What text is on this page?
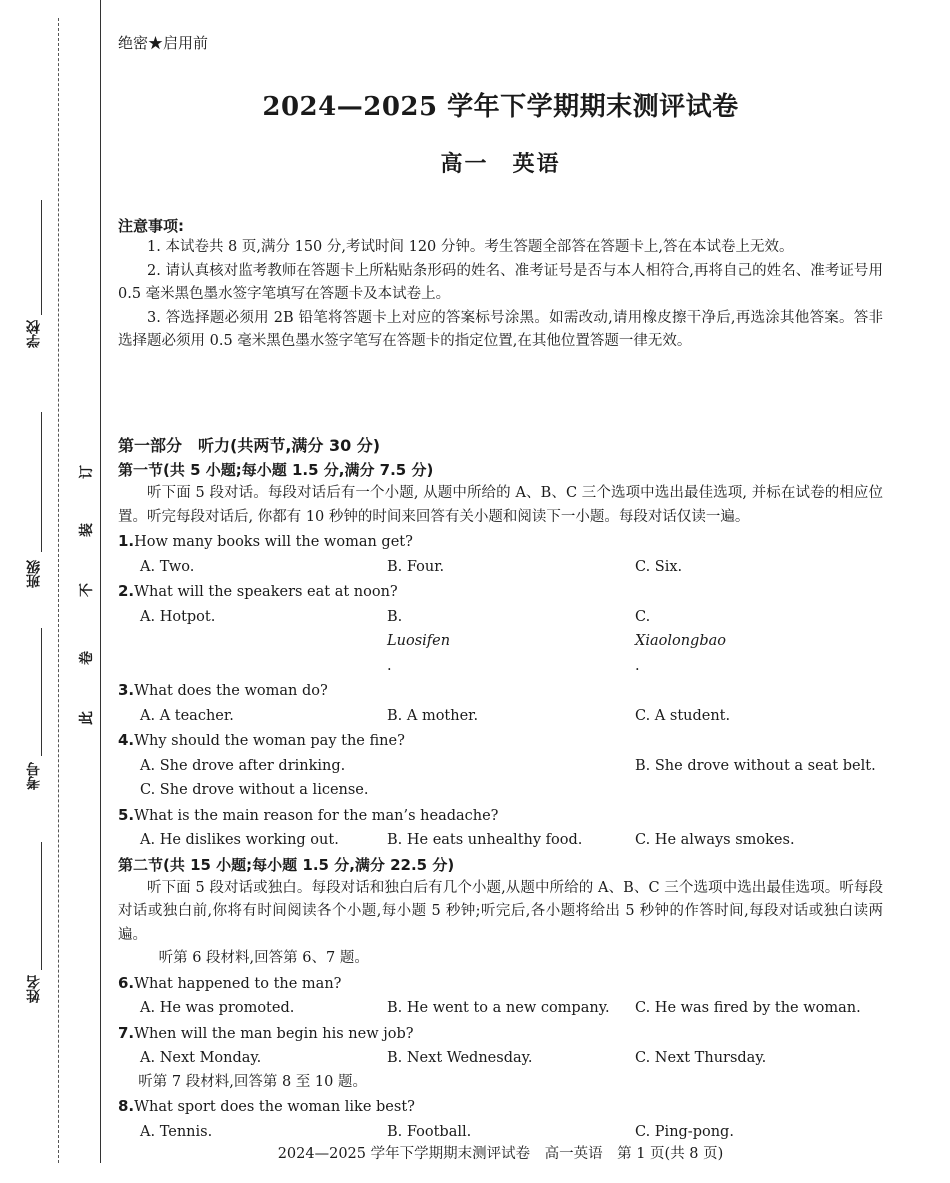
学校
班级
考号
姓名
订
装
不
卷
此
绝密★启用前
2024—2025 学年下学期期末测评试卷
高一　英语
注意事项:

1. 本试卷共 8 页,满分 150 分,考试时间 120 分钟。考生答题全部答在答题卡上,答在本试卷上无效。

2. 请认真核对监考教师在答题卡上所粘贴条形码的姓名、准考证号是否与本人相符合,再将自己的姓名、准考证号用 0.5 毫米黑色墨水签字笔填写在答题卡及本试卷上。

3. 答选择题必须用 2B 铅笔将答题卡上对应的答案标号涂黑。如需改动,请用橡皮擦干净后,再选涂其他答案。答非选择题必须用 0.5 毫米黑色墨水签字笔写在答题卡的指定位置,在其他位置答题一律无效。

第一部分　听力(共两节,满分 30 分)
第一节(共 5 小题;每小题 1.5 分,满分 7.5 分)

听下面 5 段对话。每段对话后有一个小题, 从题中所给的 A、B、C 三个选项中选出最佳选项, 并标在试卷的相应位置。听完每段对话后, 你都有 10 秒钟的时间来回答有关小题和阅读下一小题。每段对话仅读一遍。

1.How many books will the woman get?
A. Two.	B. Four.	C. Six.
2.What will the speakers eat at noon?
A. Hotpot.	B.
Luosifen
.
C.
Xiaolongbao
.
3.What does the woman do?
A. A teacher.	B. A mother.	C. A student.
4.Why should the woman pay the fine?
A. She drove after drinking.	B. She drove without a seat belt.
C. She drove without a license.
5.What is the main reason for the man’s headache?
A. He dislikes working out.	B. He eats unhealthy food.	C. He always smokes.
第二节(共 15 小题;每小题 1.5 分,满分 22.5 分)

听下面 5 段对话或独白。每段对话和独白后有几个小题,从题中所给的 A、B、C 三个选项中选出最佳选项。听每段对话或独白前,你将有时间阅读各个小题,每小题 5 秒钟;听完后,各小题将给出 5 秒钟的作答时间,每段对话或独白读两遍。

听第 6 段材料,回答第 6、7 题。

6.What happened to the man?
A. He was promoted.	B. He went to a new company.	C. He was fired by the woman.
7.When will the man begin his new job?
A. Next Monday.	B. Next Wednesday.	C. Next Thursday.

听第 7 段材料,回答第 8 至 10 题。

8.What sport does the woman like best?
A. Tennis.	B. Football.	C. Ping-pong.
2024—2025 学年下学期期末测评试卷　高一英语　第 1 页(共 8 页)
